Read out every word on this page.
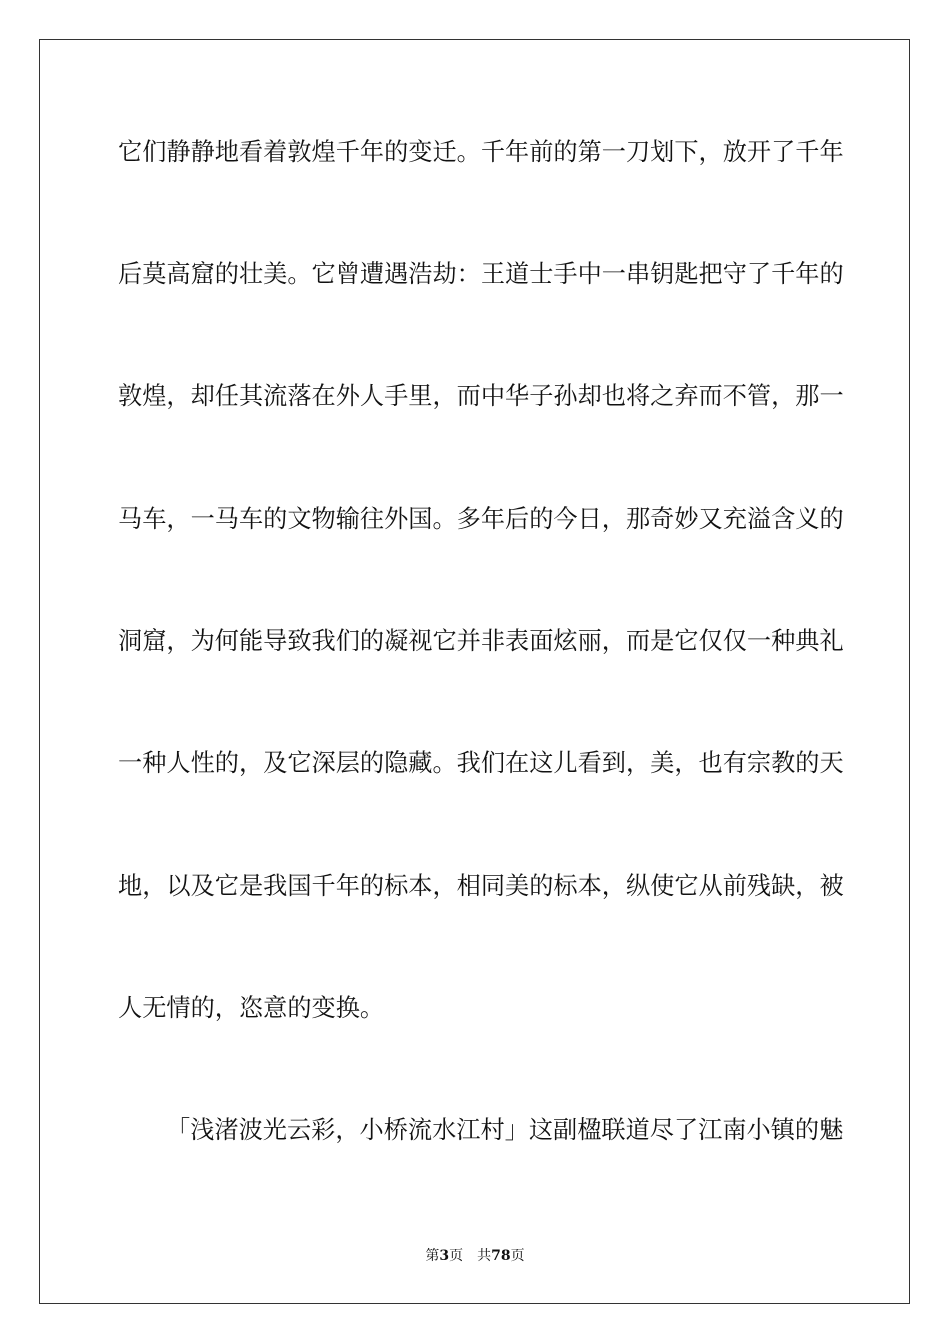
它们静静地看着敦煌千年的变迁。千年前的第一刀划下，放开了千年
后莫高窟的壮美。它曾遭遇浩劫：王道士手中一串钥匙把守了千年的
敦煌，却任其流落在外人手里，而中华子孙却也将之弃而不管，那一
马车，一马车的文物输往外国。多年后的今日，那奇妙又充溢含义的
洞窟，为何能导致我们的凝视它并非表面炫丽，而是它仅仅一种典礼
一种人性的，及它深层的隐藏。我们在这儿看到，美，也有宗教的天
地，以及它是我国千年的标本，相同美的标本，纵使它从前残缺，被
人无情的，恣意的变换。
「浅渚波光云彩，小桥流水江村」这副楹联道尽了江南小镇的魅
第3页 共78页
